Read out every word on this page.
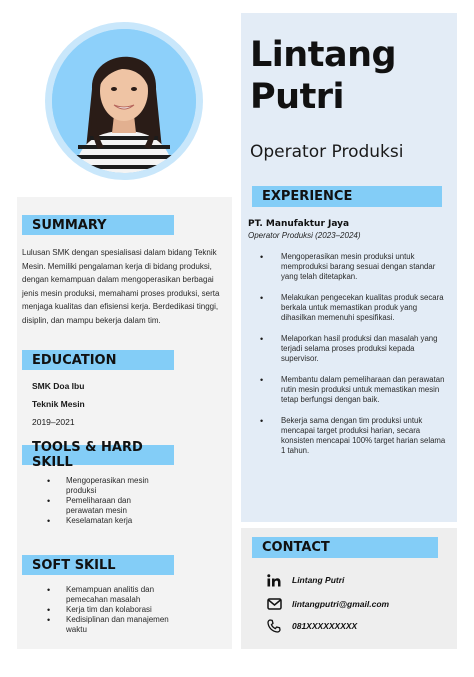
Lintang
Putri
Operator Produksi
SUMMARY
Lulusan SMK dengan spesialisasi dalam bidang Teknik Mesin. Memiliki pengalaman kerja di bidang produksi, dengan kemampuan dalam mengoperasikan berbagai jenis mesin produksi, memahami proses produksi, serta menjaga kualitas dan efisiensi kerja. Berdedikasi tinggi, disiplin, dan mampu bekerja dalam tim.
EDUCATION
SMK Doa Ibu
Teknik Mesin
2019–2021
TOOLS & HARD SKILL
• Mengoperasikan mesin produksi
• Pemeliharaan dan perawatan mesin
• Keselamatan kerja
SOFT SKILL
• Kemampuan analitis dan pemecahan masalah
• Kerja tim dan kolaborasi
• Kedisiplinan dan manajemen waktu
EXPERIENCE
PT. Manufaktur Jaya
Operator Produksi (2023–2024)
• Mengoperasikan mesin produksi untuk memproduksi barang sesuai dengan standar yang telah ditetapkan.
• Melakukan pengecekan kualitas produk secara berkala untuk memastikan produk yang dihasilkan memenuhi spesifikasi.
• Melaporkan hasil produksi dan masalah yang terjadi selama proses produksi kepada supervisor.
• Membantu dalam pemeliharaan dan perawatan rutin mesin produksi untuk memastikan mesin tetap berfungsi dengan baik.
• Bekerja sama dengan tim produksi untuk mencapai target produksi harian, secara konsisten mencapai 100% target harian selama 1 tahun.
CONTACT
Lintang Putri
lintangputri@gmail.com
081XXXXXXXXX
